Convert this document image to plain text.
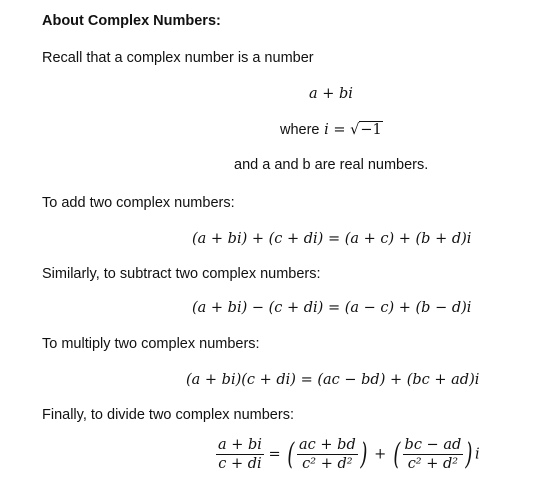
About Complex Numbers:
Recall that a complex number is a number
a + bi
where i = √−1
and a and b are real numbers.
To add two complex numbers:
(a + bi) + (c + di) = (a + c) + (b + d)i
Similarly, to subtract two complex numbers:
(a + bi) − (c + di) = (a − c) + (b − d)i
To multiply two complex numbers:
(a + bi)(c + di) = (ac − bd) + (bc + ad)i
Finally, to divide two complex numbers:
$\frac{a + bi}{c + di}$ = ( $\frac{ac + bd}{\text{c² + d²}}$ ) + ( $\frac{bc - ad}{\text{c² + d²}}$ ) i
